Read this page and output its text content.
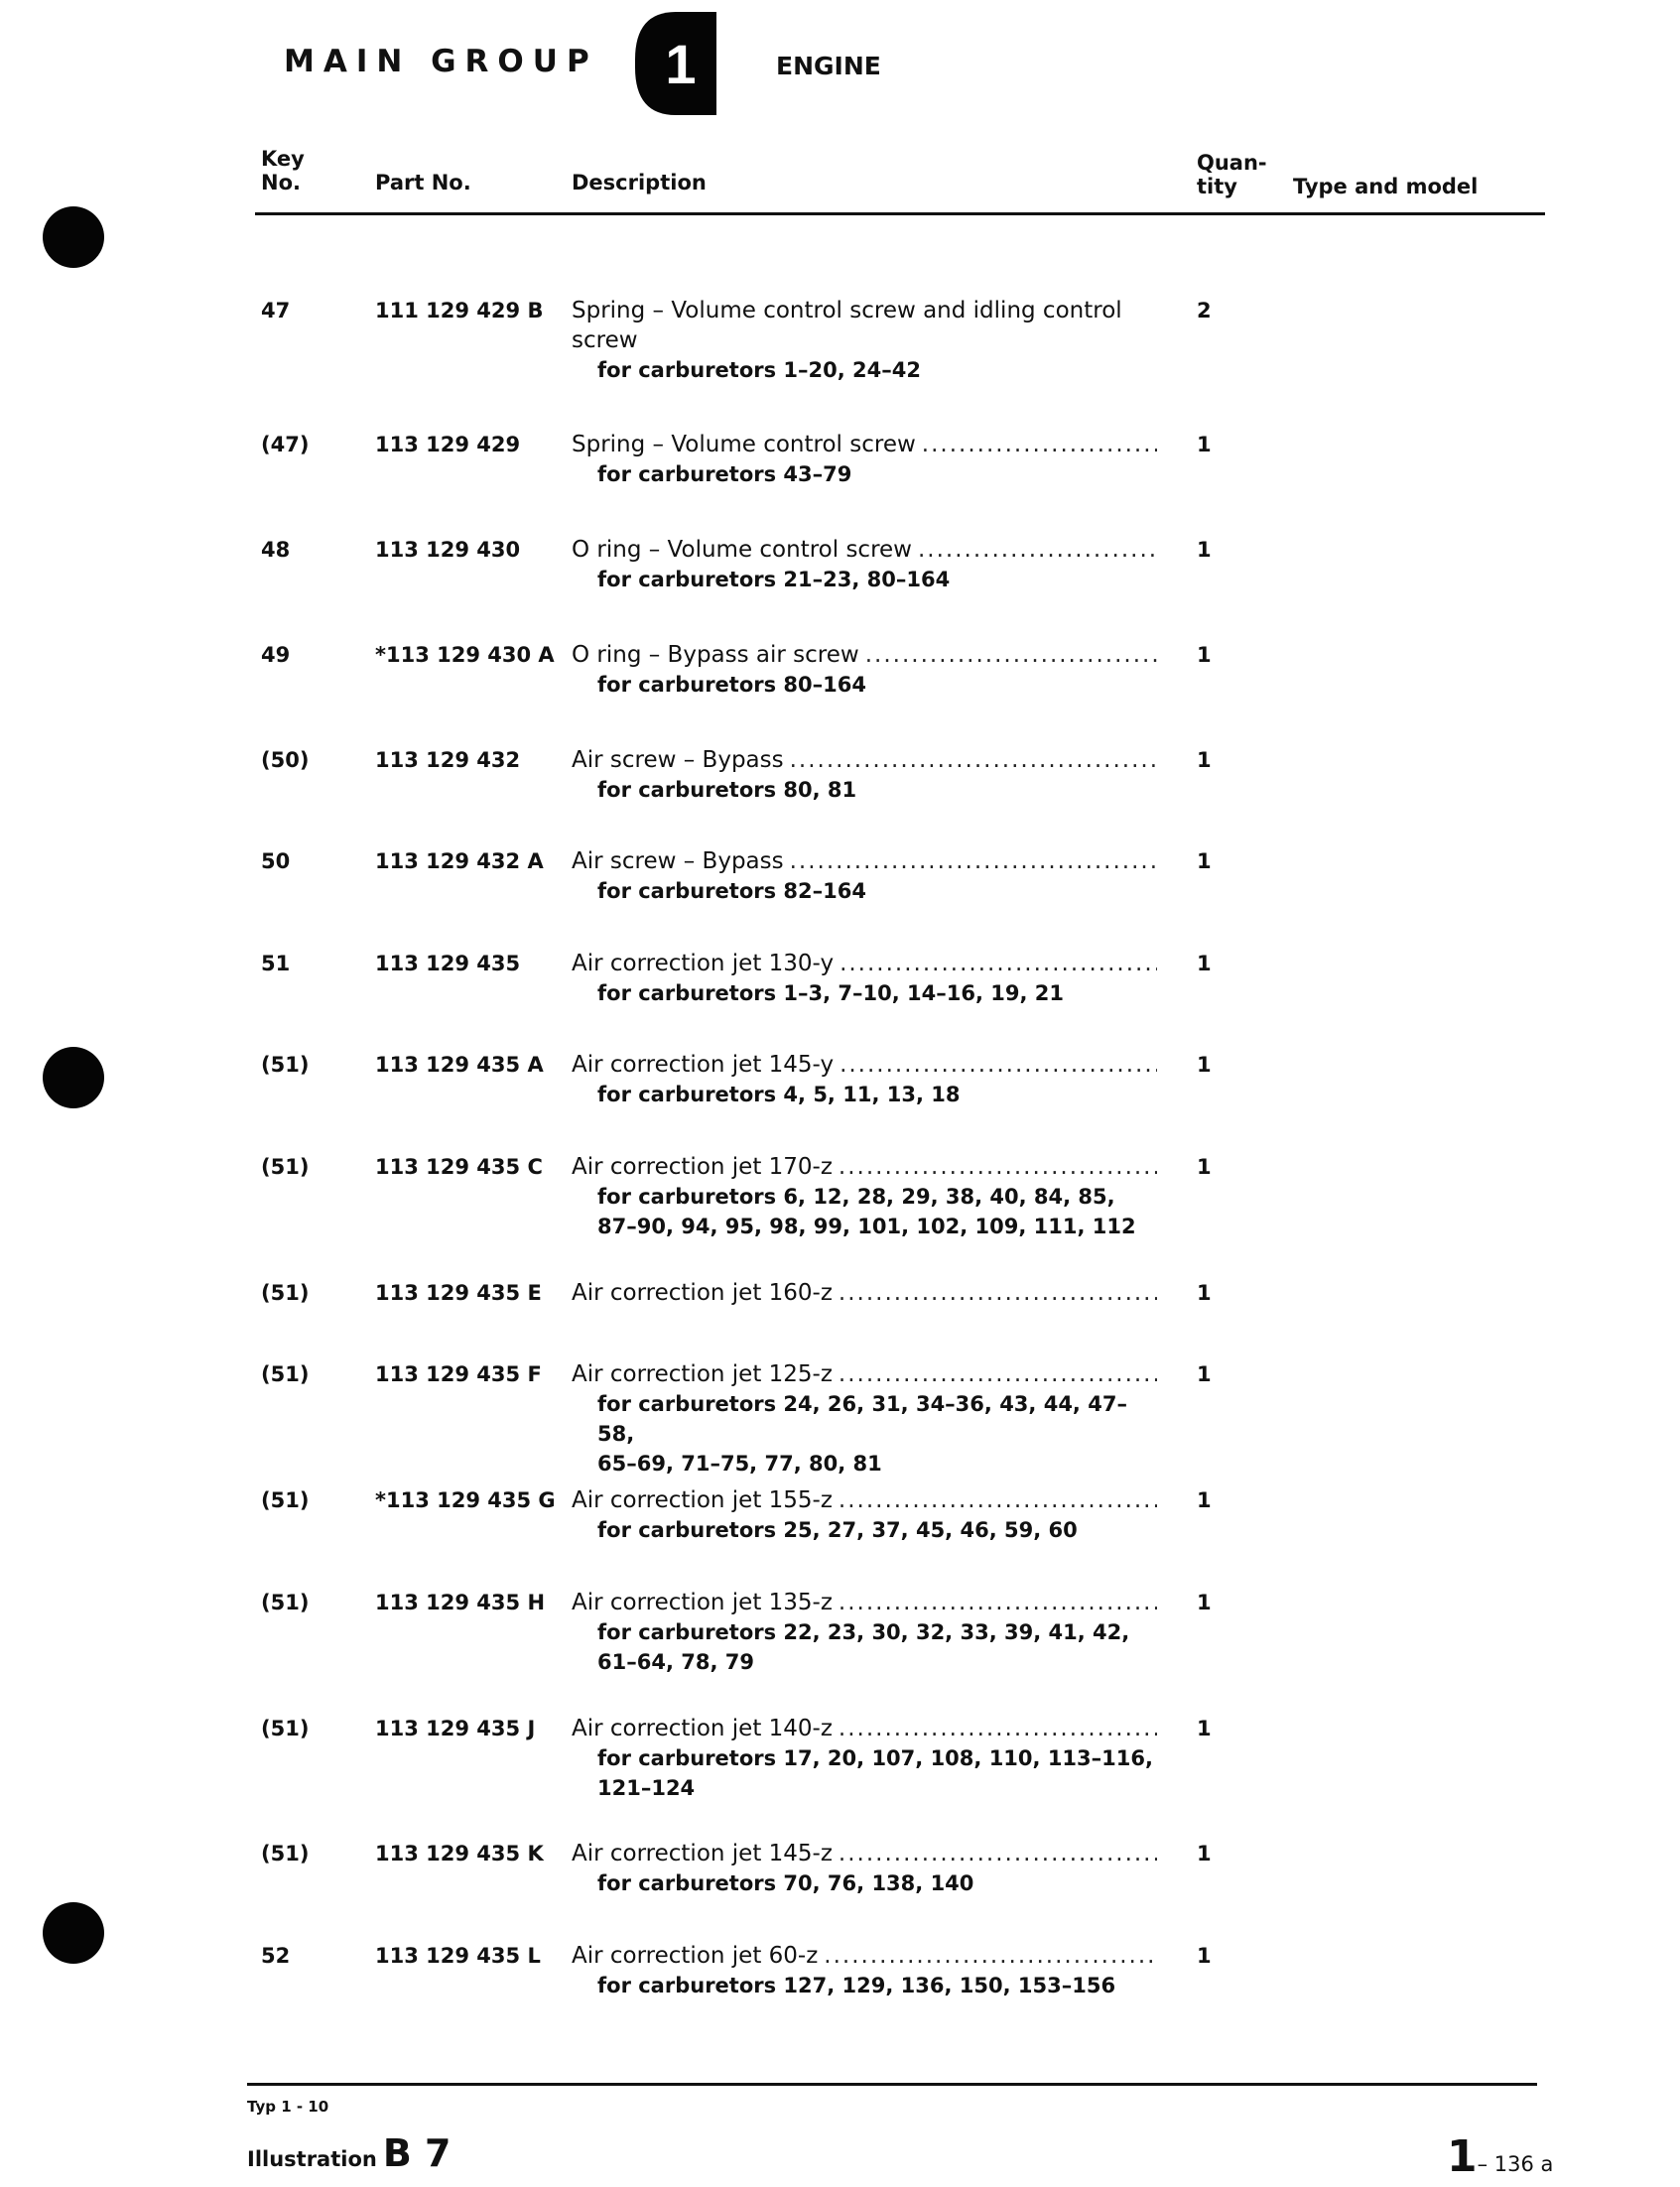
MAIN GROUP 1	ENGINE
Key
No.	Part No.	Description
Quan-
tity	Type and model
47	111 129 429 B Spring – Volume control screw and idling control screw
for carburetors 1–20, 24–42
2
(47)	113 129 429 Spring – Volume control screw
.....
for carburetors 43–79
1
48	113 129 430 O ring – Volume control screw
.....
for carburetors 21–23, 80–164
1
49	*113 129 430 A O ring – Bypass air screw
.....
for carburetors 80–164
1
(50)	113 129 432 Air screw – Bypass
.....
for carburetors 80, 81
1
50	113 129 432 A Air screw – Bypass
.....
for carburetors 82–164
1
51	113 129 435 Air correction jet 130-y
.....
for carburetors 1–3, 7–10, 14–16, 19, 21
1
(51)	113 129 435 A Air correction jet 145-y
.....
for carburetors 4, 5, 11, 13, 18
1
(51)	113 129 435 C Air correction jet 170-z
.....
for carburetors 6, 12, 28, 29, 38, 40, 84, 85,
87–90, 94, 95, 98, 99, 101, 102, 109, 111, 112
1
(51)	113 129 435 E Air correction jet 160-z
.....	1
(51)	113 129 435 F Air correction jet 125-z
.....
for carburetors 24, 26, 31, 34–36, 43, 44, 47–58,
65–69, 71–75, 77, 80, 81
1
(51)	*113 129 435 G Air correction jet 155-z
.....
for carburetors 25, 27, 37, 45, 46, 59, 60
1
(51)	113 129 435 H Air correction jet 135-z
.....
for carburetors 22, 23, 30, 32, 33, 39, 41, 42,
61–64, 78, 79
1
(51)	113 129 435 J Air correction jet 140-z
.....
for carburetors 17, 20, 107, 108, 110, 113–116,
121–124
1
(51)	113 129 435 K Air correction jet 145-z
.....
for carburetors 70, 76, 138, 140
1
52	113 129 435 L Air correction jet 60-z
.....
for carburetors 127, 129, 136, 150, 153–156
1
Typ 1 - 10
Illustration B 7	1– 136 a
